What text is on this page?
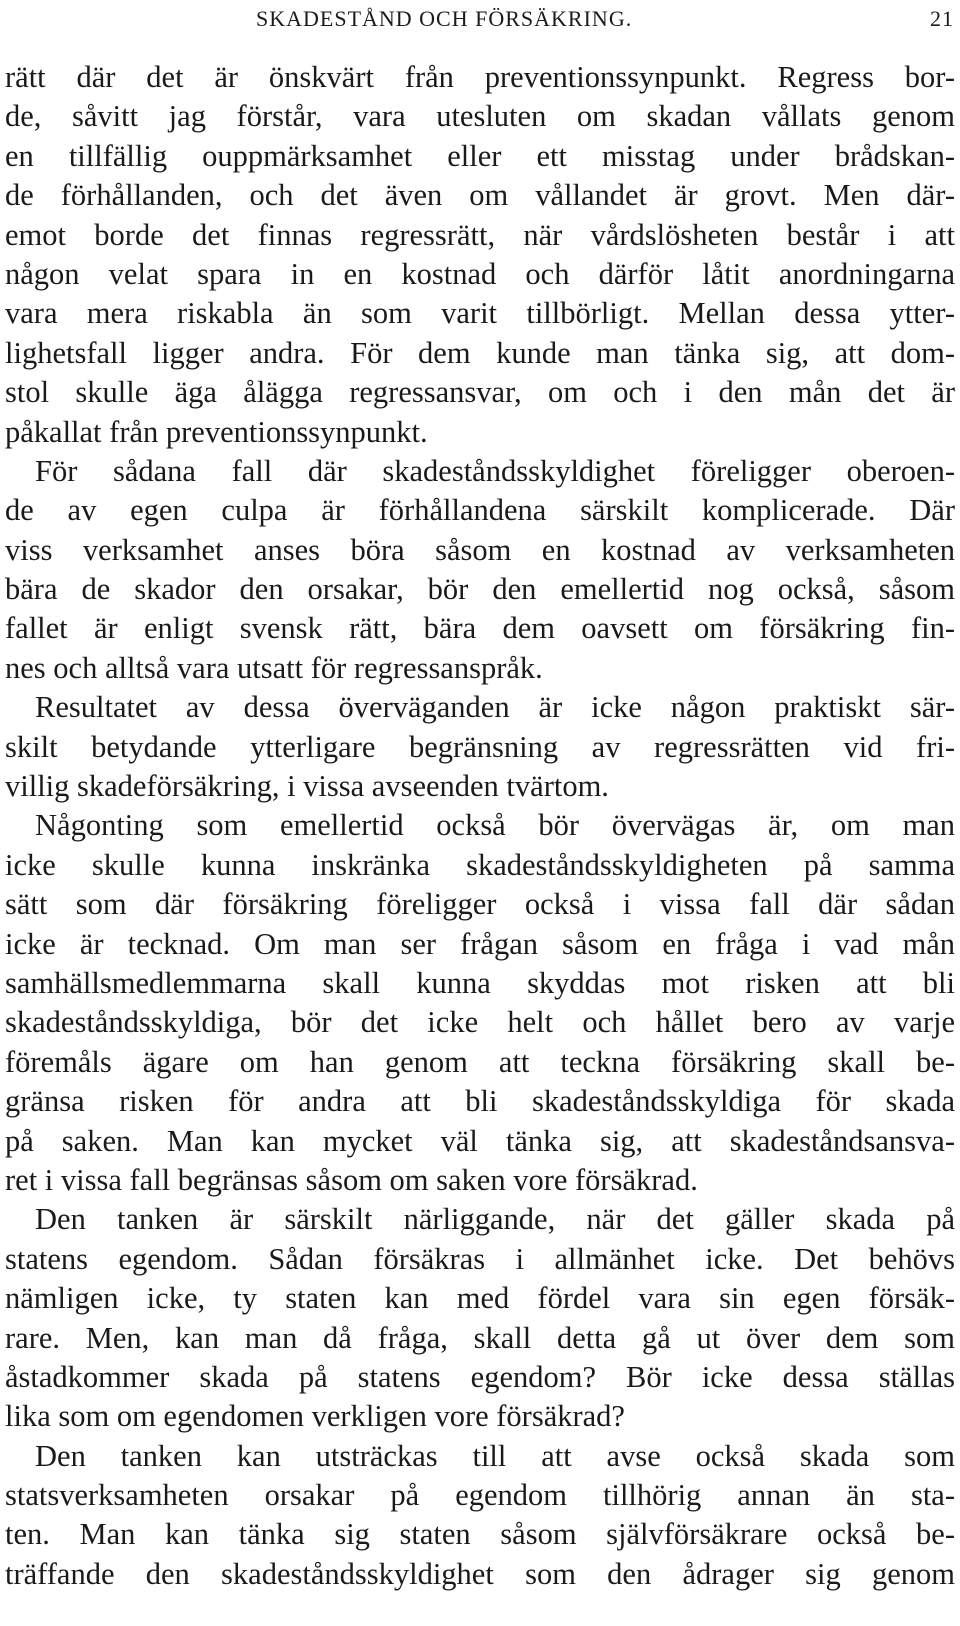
SKADESTÅND OCH FÖRSÄKRING.	21
rätt där det är önskvärt från preventionssynpunkt. Regress bor-
de, såvitt jag förstår, vara utesluten om skadan vållats genom
en tillfällig ouppmärksamhet eller ett misstag under brådskan-
de förhållanden, och det även om vållandet är grovt. Men där-
emot borde det finnas regressrätt, när vårdslösheten består i att
någon velat spara in en kostnad och därför låtit anordningarna
vara mera riskabla än som varit tillbörligt. Mellan dessa ytter-
lighetsfall ligger andra. För dem kunde man tänka sig, att dom-
stol skulle äga ålägga regressansvar, om och i den mån det är
påkallat från preventionssynpunkt.
För sådana fall där skadeståndsskyldighet föreligger oberoen-
de av egen culpa är förhållandena särskilt komplicerade. Där
viss verksamhet anses böra såsom en kostnad av verksamheten
bära de skador den orsakar, bör den emellertid nog också, såsom
fallet är enligt svensk rätt, bära dem oavsett om försäkring fin-
nes och alltså vara utsatt för regressanspråk.
Resultatet av dessa överväganden är icke någon praktiskt sär-
skilt betydande ytterligare begränsning av regressrätten vid fri-
villig skadeförsäkring, i vissa avseenden tvärtom.
Någonting som emellertid också bör övervägas är, om man
icke skulle kunna inskränka skadeståndsskyldigheten på samma
sätt som där försäkring föreligger också i vissa fall där sådan
icke är tecknad. Om man ser frågan såsom en fråga i vad mån
samhällsmedlemmarna skall kunna skyddas mot risken att bli
skadeståndsskyldiga, bör det icke helt och hållet bero av varje
föremåls ägare om han genom att teckna försäkring skall be-
gränsa risken för andra att bli skadeståndsskyldiga för skada
på saken. Man kan mycket väl tänka sig, att skadeståndsansva-
ret i vissa fall begränsas såsom om saken vore försäkrad.
Den tanken är särskilt närliggande, när det gäller skada på
statens egendom. Sådan försäkras i allmänhet icke. Det behövs
nämligen icke, ty staten kan med fördel vara sin egen försäk-
rare. Men, kan man då fråga, skall detta gå ut över dem som
åstadkommer skada på statens egendom? Bör icke dessa ställas
lika som om egendomen verkligen vore försäkrad?
Den tanken kan utsträckas till att avse också skada som
statsverksamheten orsakar på egendom tillhörig annan än sta-
ten. Man kan tänka sig staten såsom självförsäkrare också be-
träffande den skadeståndsskyldighet som den ådrager sig genom
